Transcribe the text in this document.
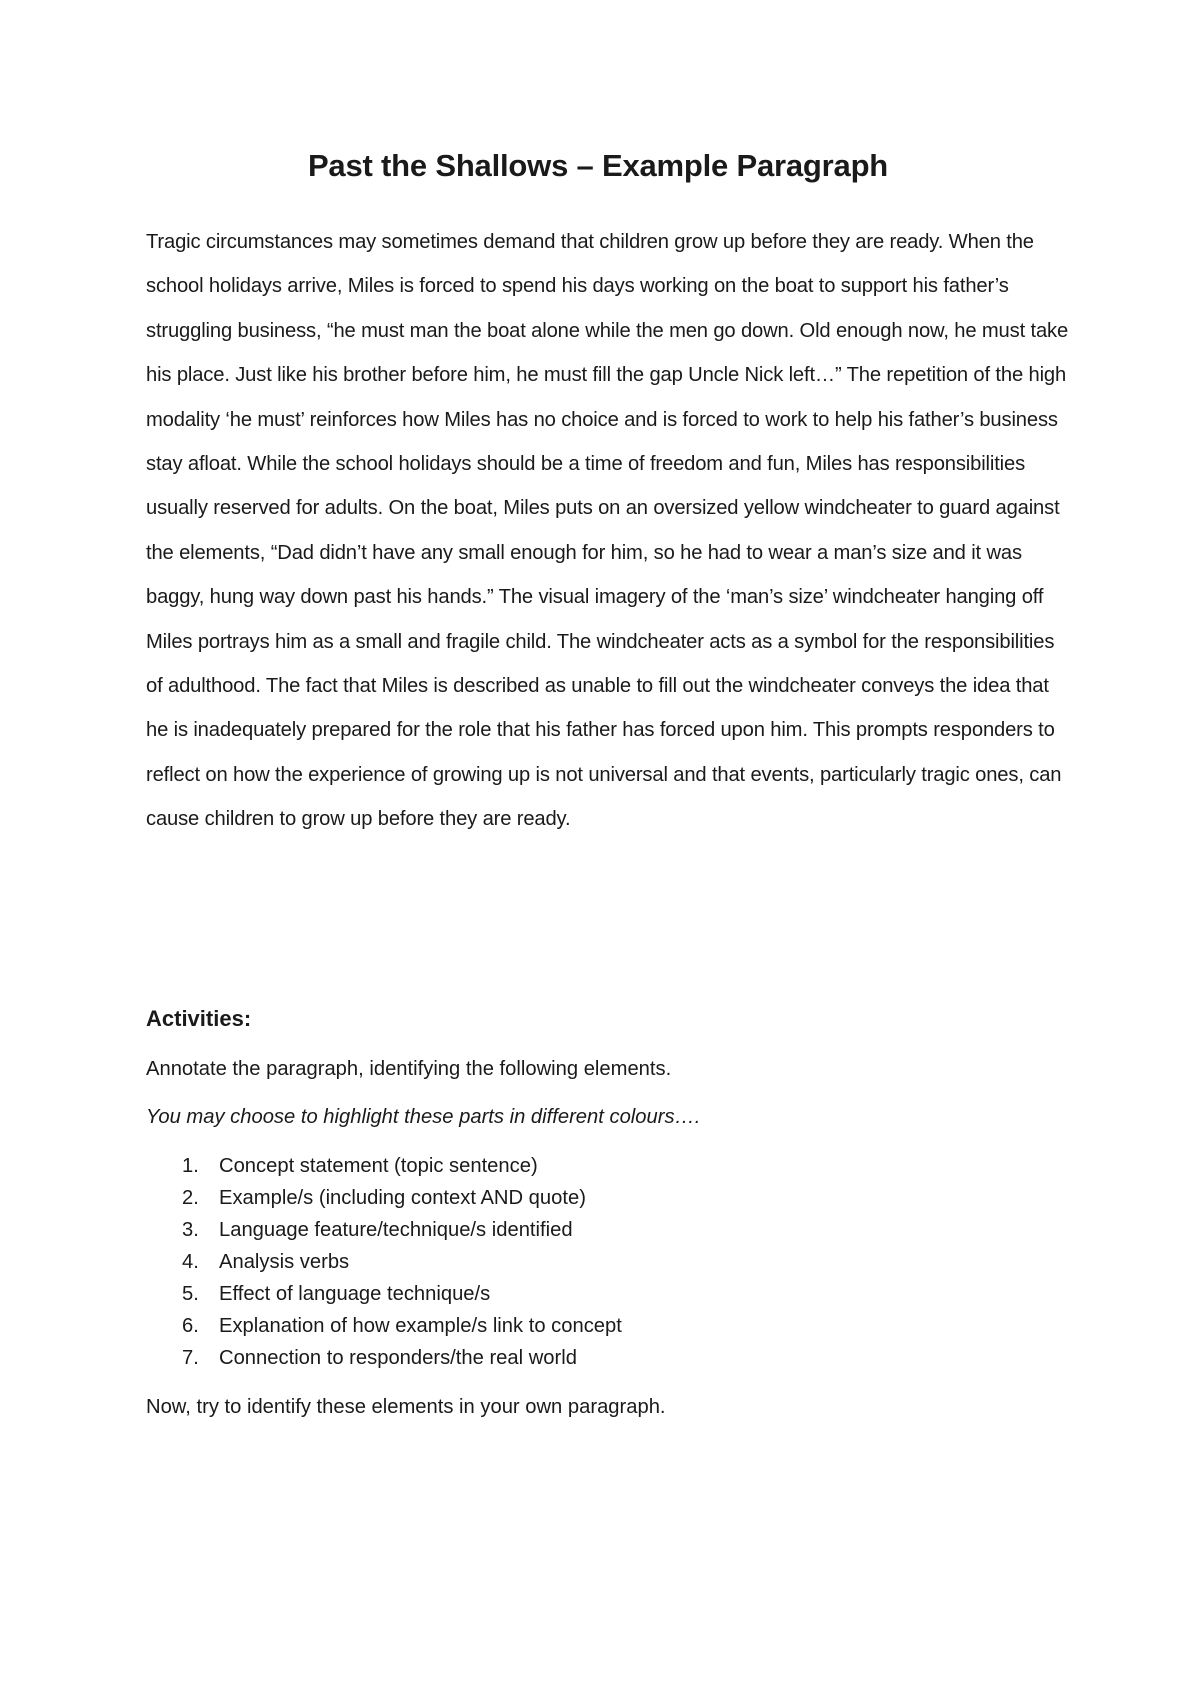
Past the Shallows – Example Paragraph

Tragic circumstances may sometimes demand that children grow up before they are ready. When the school holidays arrive, Miles is forced to spend his days working on the boat to support his father’s struggling business, “he must man the boat alone while the men go down. Old enough now, he must take his place. Just like his brother before him, he must fill the gap Uncle Nick left…” The repetition of the high modality ‘he must’ reinforces how Miles has no choice and is forced to work to help his father’s business stay afloat. While the school holidays should be a time of freedom and fun, Miles has responsibilities usually reserved for adults. On the boat, Miles puts on an oversized yellow windcheater to guard against the elements, “Dad didn’t have any small enough for him, so he had to wear a man’s size and it was baggy, hung way down past his hands.” The visual imagery of the ‘man’s size’ windcheater hanging off Miles portrays him as a small and fragile child. The windcheater acts as a symbol for the responsibilities of adulthood. The fact that Miles is described as unable to fill out the windcheater conveys the idea that he is inadequately prepared for the role that his father has forced upon him. This prompts responders to reflect on how the experience of growing up is not universal and that events, particularly tragic ones, can cause children to grow up before they are ready.

Activities:

Annotate the paragraph, identifying the following elements.

You may choose to highlight these parts in different colours….

1. Concept statement (topic sentence)
2. Example/s (including context AND quote)
3. Language feature/technique/s identified
4. Analysis verbs
5. Effect of language technique/s
6. Explanation of how example/s link to concept
7. Connection to responders/the real world

Now, try to identify these elements in your own paragraph.
